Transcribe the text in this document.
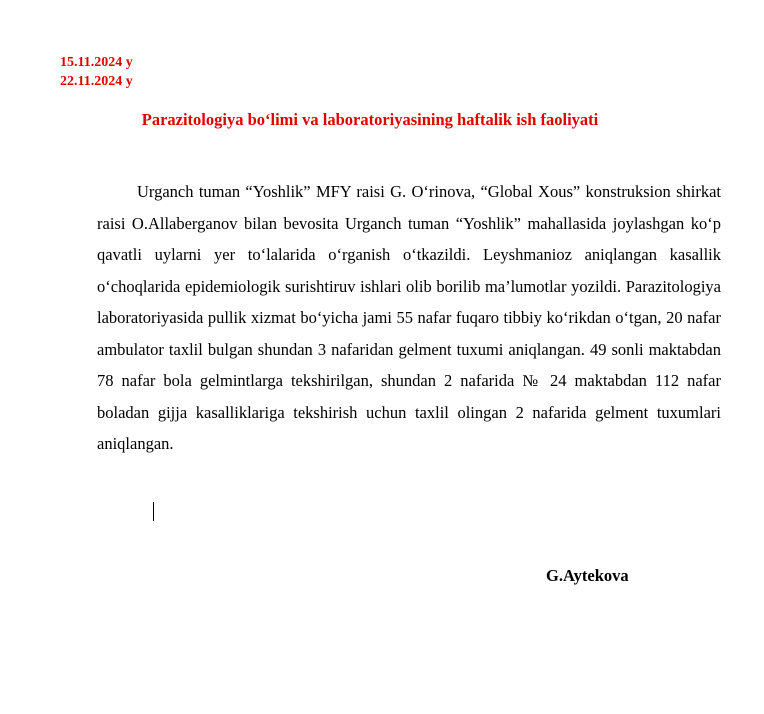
15.11.2024 y
22.11.2024 y
Parazitologiya bo‘limi va laboratoriyasining haftalik ish faoliyati

Urganch tuman “Yoshlik” MFY raisi G. O‘rinova, “Global Xous” konstruksion shirkat raisi O.Allaberganov bilan bevosita Urganch tuman “Yoshlik” mahallasida joylashgan ko‘p qavatli uylarni yer to‘lalarida o‘rganish o‘tkazildi. Leyshmanioz aniqlangan kasallik o‘choqlarida epidemiologik surishtiruv ishlari olib borilib ma’lumotlar yozildi. Parazitologiya laboratoriyasida pullik xizmat bo‘yicha jami 55 nafar fuqaro tibbiy ko‘rikdan o‘tgan, 20 nafar ambulator taxlil bulgan shundan 3 nafaridan gelment tuxumi aniqlangan. 49 sonli maktabdan 78 nafar bola gelmintlarga tekshirilgan, shundan 2 nafarida № 24 maktabdan 112 nafar boladan gijja kasalliklariga tekshirish uchun taxlil olingan 2 nafarida gelment tuxumlari aniqlangan.

G.Aytekova
